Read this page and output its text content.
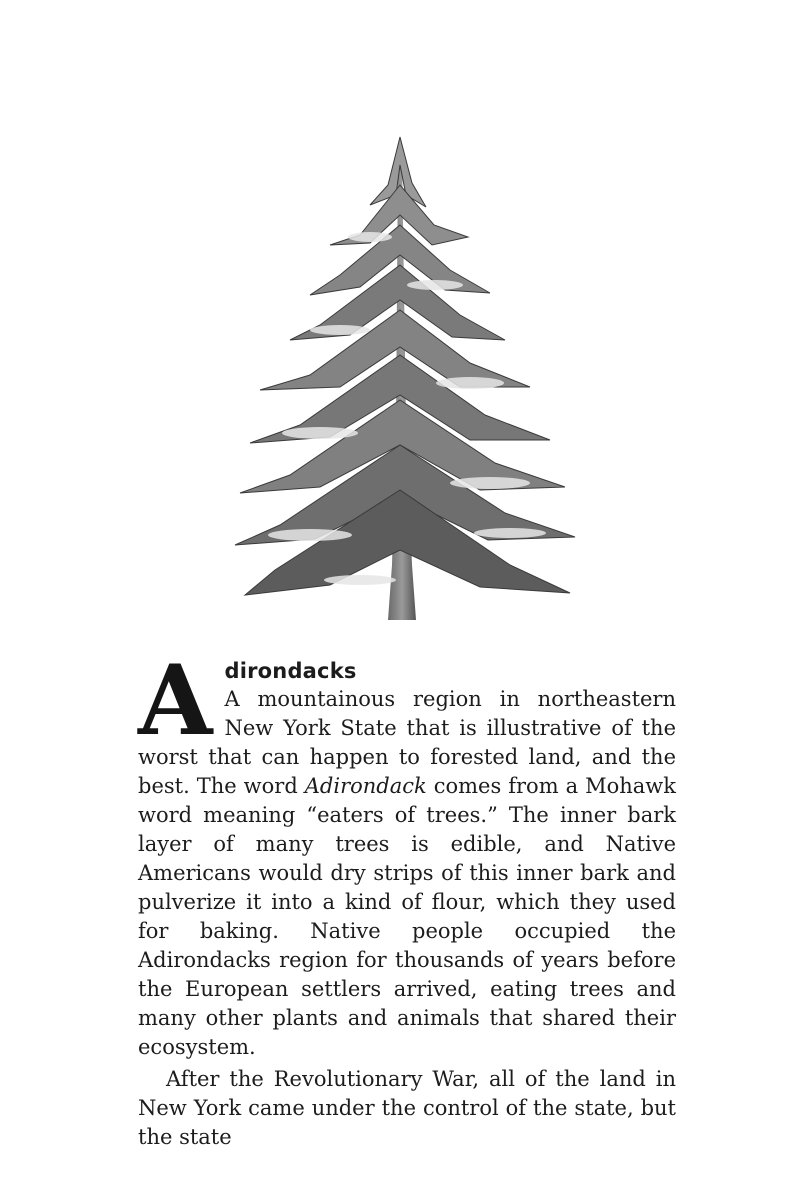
A dirondacks

A mountainous region in northeastern New York State that is illustrative of the worst that can happen to forested land, and the best. The word Adirondack comes from a Mohawk word meaning “eaters of trees.” The inner bark layer of many trees is edible, and Native Americans would dry strips of this inner bark and pulverize it into a kind of flour, which they used for baking. Native people occupied the Adirondacks region for thousands of years before the European settlers arrived, eating trees and many other plants and animals that shared their ecosystem.

After the Revolutionary War, all of the land in New York came under the control of the state, but the state
